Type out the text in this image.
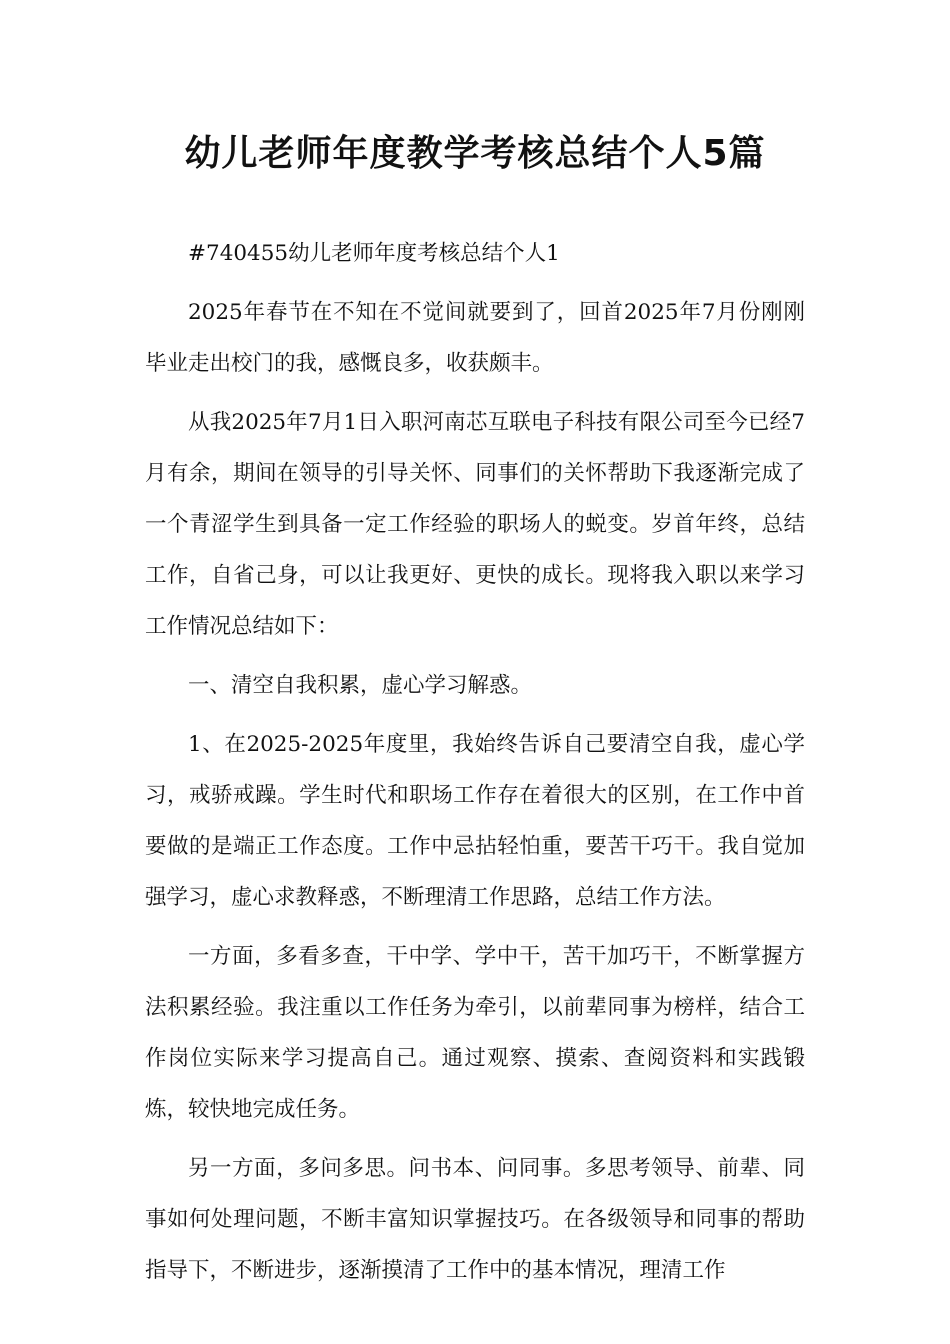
幼儿老师年度教学考核总结个人5篇

#740455幼儿老师年度考核总结个人1

2025年春节在不知在不觉间就要到了，回首2025年7月份刚刚毕业走出校门的我，感慨良多，收获颇丰。

从我2025年7月1日入职河南芯互联电子科技有限公司至今已经7月有余，期间在领导的引导关怀、同事们的关怀帮助下我逐渐完成了一个青涩学生到具备一定工作经验的职场人的蜕变。岁首年终，总结工作，自省己身，可以让我更好、更快的成长。现将我入职以来学习工作情况总结如下：

一、清空自我积累，虚心学习解惑。

1、在2025-2025年度里，我始终告诉自己要清空自我，虚心学习，戒骄戒躁。学生时代和职场工作存在着很大的区别，在工作中首要做的是端正工作态度。工作中忌拈轻怕重，要苦干巧干。我自觉加强学习，虚心求教释惑，不断理清工作思路，总结工作方法。

一方面，多看多查，干中学、学中干，苦干加巧干，不断掌握方法积累经验。我注重以工作任务为牵引，以前辈同事为榜样，结合工作岗位实际来学习提高自己。通过观察、摸索、查阅资料和实践锻炼，较快地完成任务。

另一方面，多问多思。问书本、问同事。多思考领导、前辈、同事如何处理问题，不断丰富知识掌握技巧。在各级领导和同事的帮助指导下，不断进步，逐渐摸清了工作中的基本情况，理清工作
